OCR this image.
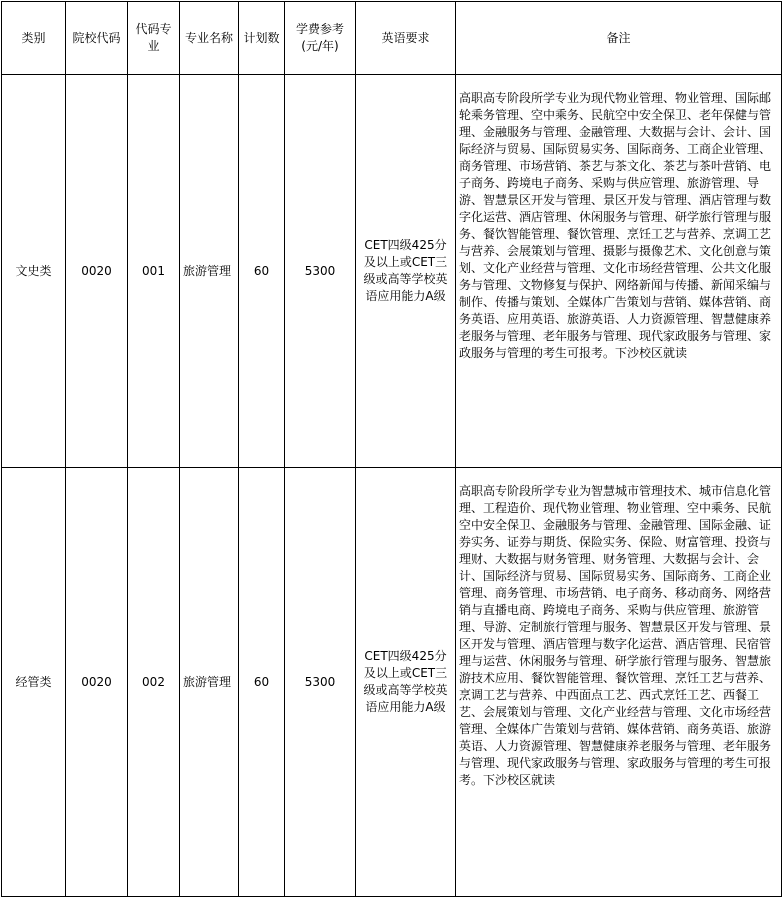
类别	院校代码	代码专业	专业名称	计划数	学费参考(元/年)	英语要求	备注
文史类	0020	001	旅游管理	60	5300	CET四级425分及以上或CET三级或高等学校英语应用能力A级	高职高专阶段所学专业为现代物业管理、物业管理、国际邮轮乘务管理、空中乘务、民航空中安全保卫、老年保健与管理、金融服务与管理、金融管理、大数据与会计、会计、国际经济与贸易、国际贸易实务、国际商务、工商企业管理、商务管理、市场营销、茶艺与茶文化、茶艺与茶叶营销、电子商务、跨境电子商务、采购与供应管理、旅游管理、导游、智慧景区开发与管理、景区开发与管理、酒店管理与数字化运营、酒店管理、休闲服务与管理、研学旅行管理与服务、餐饮智能管理、餐饮管理、烹饪工艺与营养、烹调工艺与营养、会展策划与管理、摄影与摄像艺术、文化创意与策划、文化产业经营与管理、文化市场经营管理、公共文化服务与管理、文物修复与保护、网络新闻与传播、新闻采编与制作、传播与策划、全媒体广告策划与营销、媒体营销、商务英语、应用英语、旅游英语、人力资源管理、智慧健康养老服务与管理、老年服务与管理、现代家政服务与管理、家政服务与管理的考生可报考。下沙校区就读
经管类	0020	002	旅游管理	60	5300	CET四级425分及以上或CET三级或高等学校英语应用能力A级	高职高专阶段所学专业为智慧城市管理技术、城市信息化管理、工程造价、现代物业管理、物业管理、空中乘务、民航空中安全保卫、金融服务与管理、金融管理、国际金融、证券实务、证券与期货、保险实务、保险、财富管理、投资与理财、大数据与财务管理、财务管理、大数据与会计、会计、国际经济与贸易、国际贸易实务、国际商务、工商企业管理、商务管理、市场营销、电子商务、移动商务、网络营销与直播电商、跨境电子商务、采购与供应管理、旅游管理、导游、定制旅行管理与服务、智慧景区开发与管理、景区开发与管理、酒店管理与数字化运营、酒店管理、民宿管理与运营、休闲服务与管理、研学旅行管理与服务、智慧旅游技术应用、餐饮智能管理、餐饮管理、烹饪工艺与营养、烹调工艺与营养、中西面点工艺、西式烹饪工艺、西餐工艺、会展策划与管理、文化产业经营与管理、文化市场经营管理、全媒体广告策划与营销、媒体营销、商务英语、旅游英语、人力资源管理、智慧健康养老服务与管理、老年服务与管理、现代家政服务与管理、家政服务与管理的考生可报考。下沙校区就读
